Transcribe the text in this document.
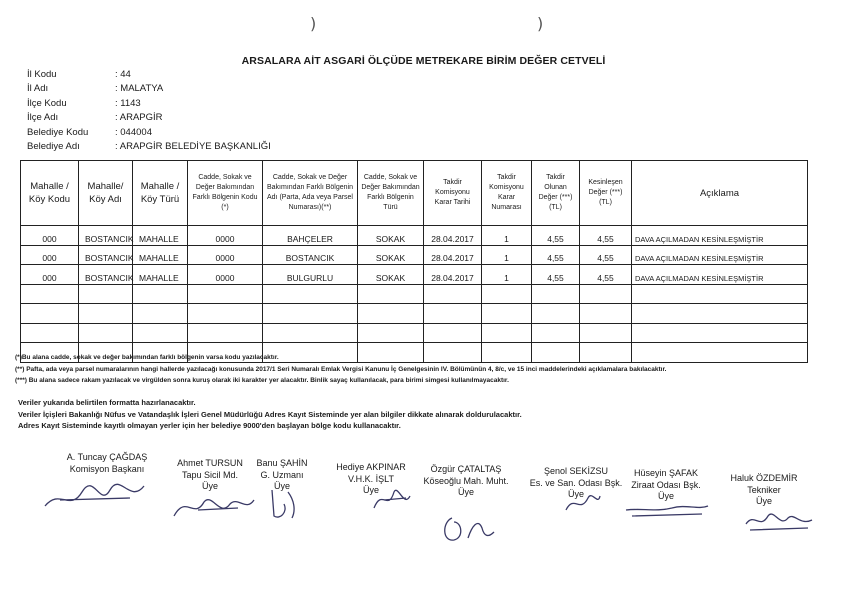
)	)
ARSALARA AİT ASGARİ ÖLÇÜDE METREKARE BİRİM DEĞER CETVELİ
İl Kodu	: 44
İl Adı	: MALATYA
İlçe Kodu	: 1143
İlçe Adı	: ARAPGİR
Belediye Kodu	: 044004
Belediye Adı	: ARAPGİR BELEDİYE BAŞKANLIĞI
Mahalle / Köy Kodu	Mahalle/ Köy Adı	Mahalle / Köy Türü	Cadde, Sokak ve Değer Bakımından Farklı Bölgenin Kodu (*)	Cadde, Sokak ve Değer Bakımından Farklı Bölgenin Adı (Parta, Ada veya Parsel Numarası)(**)	Cadde, Sokak ve Değer Bakımından Farklı Bölgenin Türü	Takdir Komisyonu Karar Tarihi	Takdir Komisyonu Karar Numarası	Takdir Olunan Değer (***) (TL)	Kesinleşen Değer (***) (TL)	Açıklama
000	BOSTANCIK	MAHALLE	0000	BAHÇELER	SOKAK	28.04.2017	1	4,55	4,55	DAVA AÇILMADAN KESİNLEŞMİŞTİR
000	BOSTANCIK	MAHALLE	0000	BOSTANCIK	SOKAK	28.04.2017	1	4,55	4,55	DAVA AÇILMADAN KESİNLEŞMİŞTİR
000	BOSTANCIK	MAHALLE	0000	BULGURLU	SOKAK	28.04.2017	1	4,55	4,55	DAVA AÇILMADAN KESİNLEŞMİŞTİR

(*)Bu alana cadde, sokak ve değer bakımından farklı bölgenin varsa kodu yazılacaktır.
(**) Pafta, ada veya parsel numaralarının hangi hallerde yazılacağı konusunda 2017/1 Seri Numaralı Emlak Vergisi Kanunu İç Genelgesinin IV. Bölümünün 4, 8/c, ve 15 inci maddelerindeki açıklamalara bakılacaktır.
(***) Bu alana sadece rakam yazılacak ve virgülden sonra kuruş olarak iki karakter yer alacaktır. Binlik sayaç kullanılacak, para birimi simgesi kullanılmayacaktır.
Veriler yukarıda belirtilen formatta hazırlanacaktır.
Veriler İçişleri Bakanlığı Nüfus ve Vatandaşlık İşleri Genel Müdürlüğü Adres Kayıt Sisteminde yer alan bilgiler dikkate alınarak doldurulacaktır.
Adres Kayıt Sisteminde kayıtlı olmayan yerler için her belediye 9000'den başlayan bölge kodu kullanacaktır.
A. Tuncay ÇAĞDAŞ
Komisyon Başkanı
Ahmet TURSUN
Tapu Sicil Md.
Üye
Banu ŞAHİN
G. Uzmanı
Üye
Hediye AKPINAR
V.H.K. İŞLT
Üye
Özgür ÇATALTAŞ
Köseoğlu Mah. Muht.
Üye
Şenol SEKİZSU
Es. ve San. Odası Bşk.
Üye
Hüseyin ŞAFAK
Ziraat Odası Bşk.
Üye
Haluk ÖZDEMİR
Tekniker
Üye
